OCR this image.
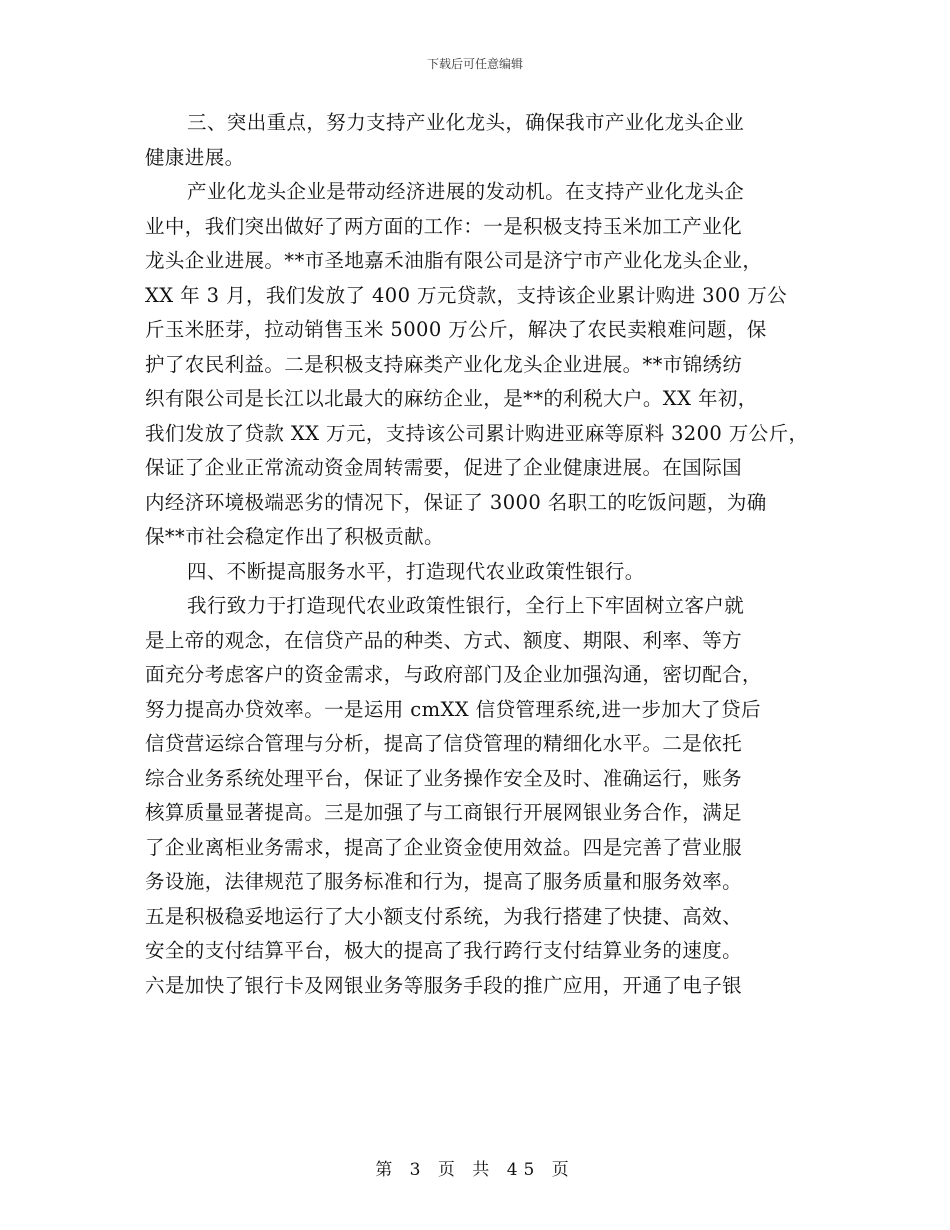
下载后可任意编辑
三、突出重点，努力支持产业化龙头，确保我市产业化龙头企业
健康进展。
产业化龙头企业是带动经济进展的发动机。在支持产业化龙头企
业中，我们突出做好了两方面的工作：一是积极支持玉米加工产业化
龙头企业进展。**市圣地嘉禾油脂有限公司是济宁市产业化龙头企业，
XX 年 3 月，我们发放了 400 万元贷款，支持该企业累计购进 300 万公
斤玉米胚芽，拉动销售玉米 5000 万公斤，解决了农民卖粮难问题，保
护了农民利益。二是积极支持麻类产业化龙头企业进展。**市锦绣纺
织有限公司是长江以北最大的麻纺企业，是**的利税大户。XX 年初，
我们发放了贷款 XX 万元，支持该公司累计购进亚麻等原料 3200 万公斤，
保证了企业正常流动资金周转需要，促进了企业健康进展。在国际国
内经济环境极端恶劣的情况下，保证了 3000 名职工的吃饭问题，为确
保**市社会稳定作出了积极贡献。
四、不断提高服务水平，打造现代农业政策性银行。
我行致力于打造现代农业政策性银行，全行上下牢固树立客户就
是上帝的观念，在信贷产品的种类、方式、额度、期限、利率、等方
面充分考虑客户的资金需求，与政府部门及企业加强沟通，密切配合，
努力提高办贷效率。一是运用 cmXX 信贷管理系统,进一步加大了贷后
信贷营运综合管理与分析，提高了信贷管理的精细化水平。二是依托
综合业务系统处理平台，保证了业务操作安全及时、准确运行，账务
核算质量显著提高。三是加强了与工商银行开展网银业务合作，满足
了企业离柜业务需求，提高了企业资金使用效益。四是完善了营业服
务设施，法律规范了服务标准和行为，提高了服务质量和服务效率。
五是积极稳妥地运行了大小额支付系统，为我行搭建了快捷、高效、
安全的支付结算平台，极大的提高了我行跨行支付结算业务的速度。
六是加快了银行卡及网银业务等服务手段的推广应用，开通了电子银
第 3 页 共 45 页
